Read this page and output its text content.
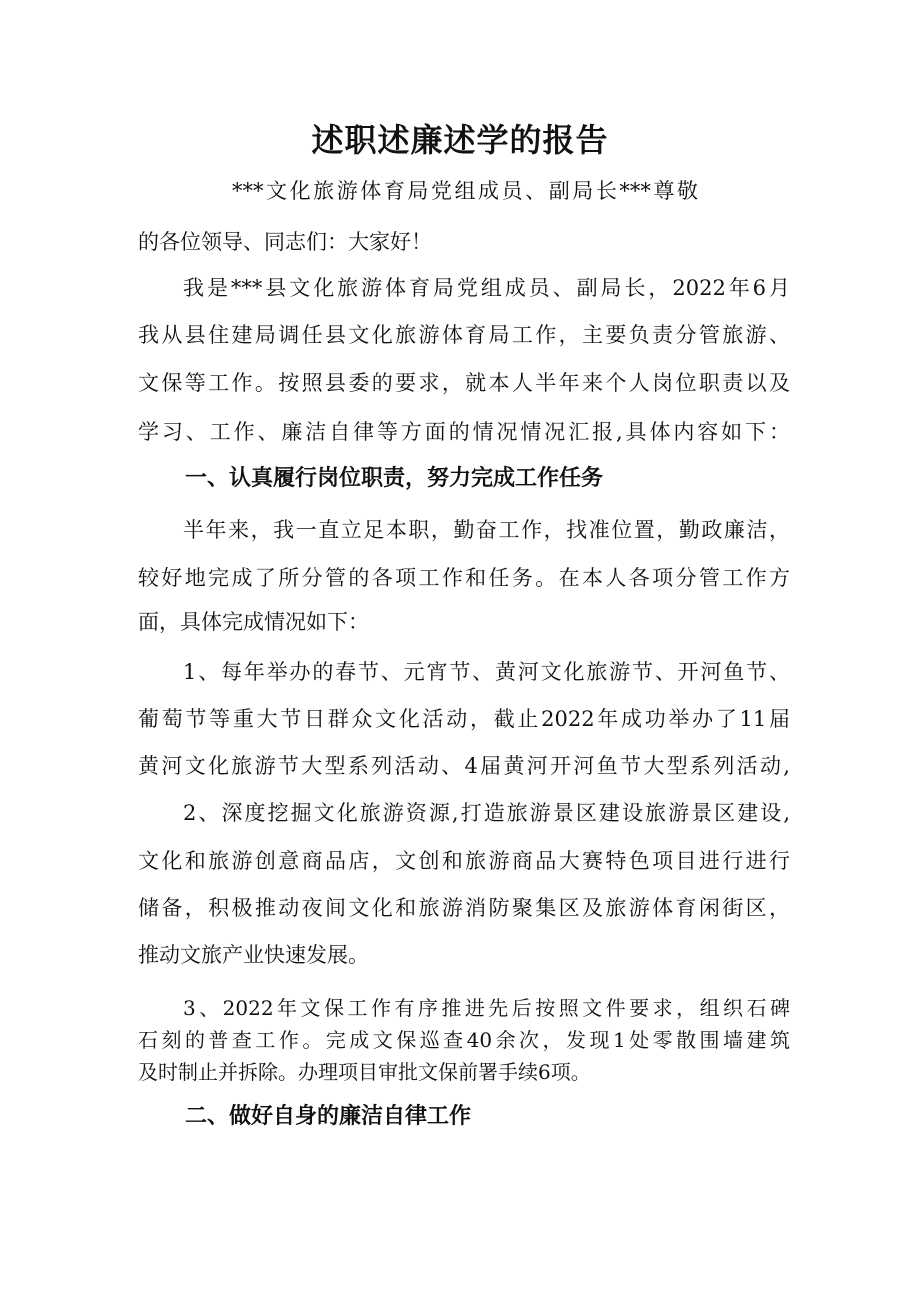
述职述廉述学的报告
***文化旅游体育局党组成员、副局长***尊敬
的各位领导、同志们：大家好！
我是***县文化旅游体育局党组成员、副局长，2022年6月
我从县住建局调任县文化旅游体育局工作，主要负责分管旅游、
文保等工作。按照县委的要求，就本人半年来个人岗位职责以及
学习、工作、廉洁自律等方面的情况情况汇报,具体内容如下：
一、认真履行岗位职责，努力完成工作任务
半年来，我一直立足本职，勤奋工作，找准位置，勤政廉洁，
较好地完成了所分管的各项工作和任务。在本人各项分管工作方
面，具体完成情况如下：
1、每年举办的春节、元宵节、黄河文化旅游节、开河鱼节、
葡萄节等重大节日群众文化活动，截止2022年成功举办了11届
黄河文化旅游节大型系列活动、4届黄河开河鱼节大型系列活动,
2、深度挖掘文化旅游资源,打造旅游景区建设旅游景区建设,
文化和旅游创意商品店，文创和旅游商品大赛特色项目进行进行
储备，积极推动夜间文化和旅游消防聚集区及旅游体育闲街区，
推动文旅产业快速发展。
3、2022年文保工作有序推进先后按照文件要求，组织石碑
石刻的普查工作。完成文保巡查40余次，发现1处零散围墙建筑
及时制止并拆除。办理项目审批文保前署手续6项。
二、做好自身的廉洁自律工作
